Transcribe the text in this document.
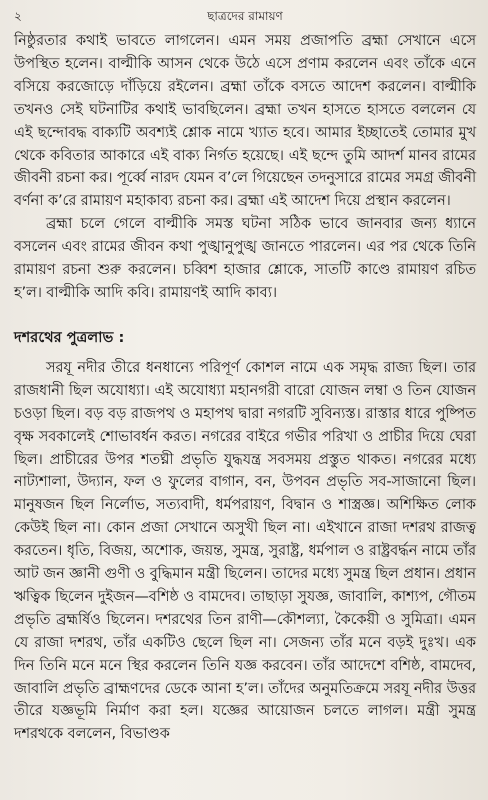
২	ছাত্রদের রামায়ণ

নিষ্ঠুরতার কথাই ভাবতে লাগলেন। এমন সময় প্রজাপতি ব্রহ্মা সেখানে এসে উপস্থিত হলেন। বাল্মীকি আসন থেকে উঠে এসে প্রণাম করলেন এবং তাঁকে এনে বসিয়ে করজোড়ে দাঁড়িয়ে রইলেন। ব্রহ্মা তাঁকে বসতে আদেশ করলেন। বাল্মীকি তখনও সেই ঘটনাটির কথাই ভাবছিলেন। ব্রহ্মা তখন হাসতে হাসতে বললেন যে এই ছন্দোবদ্ধ বাক্যটি অবশ্যই শ্লোক নামে খ্যাত হবে। আমার ইচ্ছাতেই তোমার মুখ থেকে কবিতার আকারে এই বাক্য নির্গত হয়েছে। এই ছন্দে তুমি আদর্শ মানব রামের জীবনী রচনা কর। পূর্ব্বে নারদ যেমন ব’লে গিয়েছেন তদনুসারে রামের সমগ্র জীবনী বর্ণনা ক’রে রামায়ণ মহাকাব্য রচনা কর। ব্রহ্মা এই আদেশ দিয়ে প্রস্থান করলেন।

ব্রহ্মা চলে গেলে বাল্মীকি সমস্ত ঘটনা সঠিক ভাবে জানবার জন্য ধ্যানে বসলেন এবং রামের জীবন কথা পুঙ্খানুপুঙ্খ জানতে পারলেন। এর পর থেকে তিনি রামায়ণ রচনা শুরু করলেন। চব্বিশ হাজার শ্লোকে, সাতটি কাণ্ডে রামায়ণ রচিত হ’ল। বাল্মীকি আদি কবি। রামায়ণই আদি কাব্য।

দশরথের পুত্রলাভ :

সরযূ নদীর তীরে ধনধান্যে পরিপূর্ণ কোশল নামে এক সমৃদ্ধ রাজ্য ছিল। তার রাজধানী ছিল অযোধ্যা। এই অযোধ্যা মহানগরী বারো যোজন লম্বা ও তিন যোজন চওড়া ছিল। বড় বড় রাজপথ ও মহাপথ দ্বারা নগরটি সুবিন্যস্ত। রাস্তার ধারে পুষ্পিত বৃক্ষ সবকালেই শোভাবর্ধন করত। নগরের বাইরে গভীর পরিখা ও প্রাচীর দিয়ে ঘেরা ছিল। প্রাচীরের উপর শতঘ্নী প্রভৃতি যুদ্ধযন্ত্র সবসময় প্রস্তুত থাকত। নগরের মধ্যে নাট্যশালা, উদ্যান, ফল ও ফুলের বাগান, বন, উপবন প্রভৃতি সব-সাজানো ছিল। মানুষজন ছিল নির্লোভ, সত্যবাদী, ধর্মপরায়ণ, বিদ্বান ও শাস্ত্রজ্ঞ। অশিক্ষিত লোক কেউই ছিল না। কোন প্রজা সেখানে অসুখী ছিল না। এইখানে রাজা দশরথ রাজত্ব করতেন। ধৃতি, বিজয়, অশোক, জয়ন্ত, সুমন্ত্র, সুরাষ্ট্র, ধর্মপাল ও রাষ্ট্রবর্দ্ধন নামে তাঁর আট জন জ্ঞানী গুণী ও বুদ্ধিমান মন্ত্রী ছিলেন। তাদের মধ্যে সুমন্ত্র ছিল প্রধান। প্রধান ঋত্বিক ছিলেন দুইজন—বশিষ্ঠ ও বামদেব। তাছাড়া সুযজ্ঞ, জাবালি, কাশ্যপ, গৌতম প্রভৃতি ব্রহ্মর্ষিও ছিলেন। দশরথের তিন রাণী—কৌশল্যা, কৈকেয়ী ও সুমিত্রা। এমন যে রাজা দশরথ, তাঁর একটিও ছেলে ছিল না। সেজন্য তাঁর মনে বড়ই দুঃখ। এক দিন তিনি মনে মনে স্থির করলেন তিনি যজ্ঞ করবেন। তাঁর আদেশে বশিষ্ঠ, বামদেব, জাবালি প্রভৃতি ব্রাহ্মণদের ডেকে আনা হ’ল। তাঁদের অনুমতিক্রমে সরযূ নদীর উত্তর তীরে যজ্ঞভূমি নির্মাণ করা হল। যজ্ঞের আয়োজন চলতে লাগল। মন্ত্রী সুমন্ত্র দশরথকে বললেন, বিভাণ্ডক
